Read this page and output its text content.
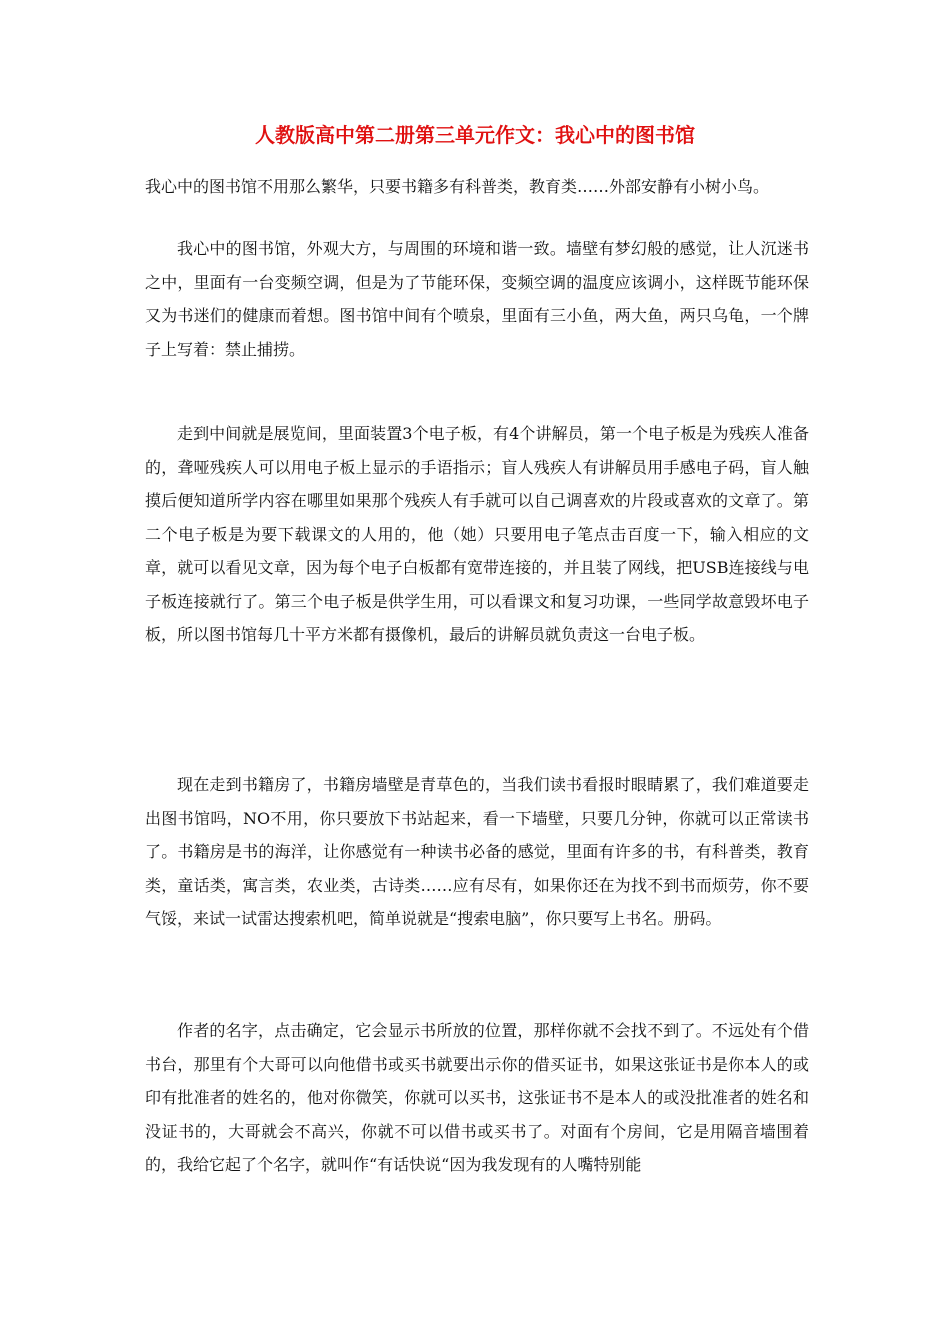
人教版高中第二册第三单元作文：我心中的图书馆

我心中的图书馆不用那么繁华，只要书籍多有科普类，教育类……外部安静有小树小鸟。

我心中的图书馆，外观大方，与周围的环境和谐一致。墙壁有梦幻般的感觉，让人沉迷书之中，里面有一台变频空调，但是为了节能环保，变频空调的温度应该调小，这样既节能环保又为书迷们的健康而着想。图书馆中间有个喷泉，里面有三小鱼，两大鱼，两只乌龟，一个牌子上写着：禁止捕捞。

走到中间就是展览间，里面装置3个电子板，有4个讲解员，第一个电子板是为残疾人准备的，聋哑残疾人可以用电子板上显示的手语指示；盲人残疾人有讲解员用手感电子码，盲人触摸后便知道所学内容在哪里如果那个残疾人有手就可以自己调喜欢的片段或喜欢的文章了。第二个电子板是为要下载课文的人用的，他（她）只要用电子笔点击百度一下，输入相应的文章，就可以看见文章，因为每个电子白板都有宽带连接的，并且装了网线，把USB连接线与电子板连接就行了。第三个电子板是供学生用，可以看课文和复习功课，一些同学故意毁坏电子板，所以图书馆每几十平方米都有摄像机，最后的讲解员就负责这一台电子板。

现在走到书籍房了，书籍房墙壁是青草色的，当我们读书看报时眼睛累了，我们难道要走出图书馆吗，NO不用，你只要放下书站起来，看一下墙壁，只要几分钟，你就可以正常读书了。书籍房是书的海洋，让你感觉有一种读书必备的感觉，里面有许多的书，有科普类，教育类，童话类，寓言类，农业类，古诗类……应有尽有，如果你还在为找不到书而烦劳，你不要气馁，来试一试雷达搜索机吧，简单说就是“搜索电脑”，你只要写上书名。册码。

作者的名字，点击确定，它会显示书所放的位置，那样你就不会找不到了。不远处有个借书台，那里有个大哥可以向他借书或买书就要出示你的借买证书，如果这张证书是你本人的或印有批准者的姓名的，他对你微笑，你就可以买书，这张证书不是本人的或没批准者的姓名和没证书的，大哥就会不高兴，你就不可以借书或买书了。对面有个房间，它是用隔音墙围着的，我给它起了个名字，就叫作“有话快说“因为我发现有的人嘴特别能
